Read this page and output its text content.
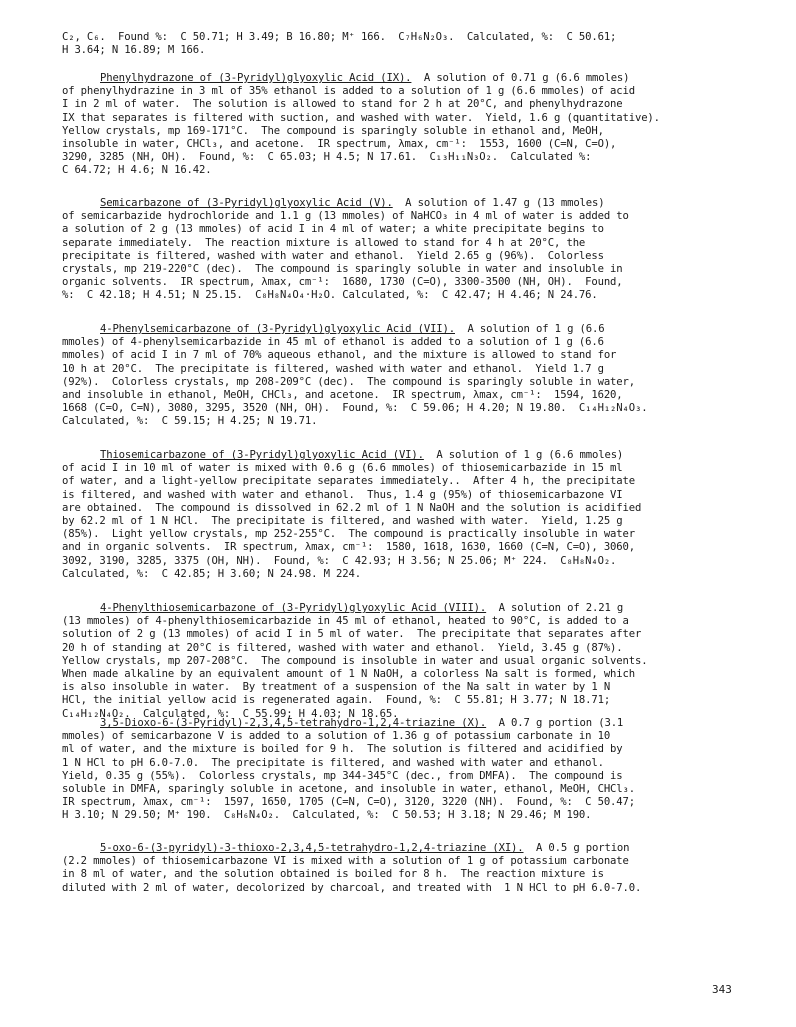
C₂, C₆.  Found %:  C 50.71; H 3.49; B 16.80; M⁺ 166.  C₇H₆N₂O₃.  Calculated, %:  C 50.61;
H 3.64; N 16.89; M 166.
Phenylhydrazone of (3-Pyridyl)glyoxylic Acid (IX).  A solution of 0.71 g (6.6 mmoles)
of phenylhydrazine in 3 ml of 35% ethanol is added to a solution of 1 g (6.6 mmoles) of acid
I in 2 ml of water.  The solution is allowed to stand for 2 h at 20°C, and phenylhydrazone
IX that separates is filtered with suction, and washed with water.  Yield, 1.6 g (quantitative).
Yellow crystals, mp 169-171°C.  The compound is sparingly soluble in ethanol and, MeOH,
insoluble in water, CHCl₃, and acetone.  IR spectrum, λmax, cm⁻¹:  1553, 1600 (C=N, C=O),
3290, 3285 (NH, OH).  Found, %:  C 65.03; H 4.5; N 17.61.  C₁₃H₁₁N₃O₂.  Calculated %:
C 64.72; H 4.6; N 16.42.
Semicarbazone of (3-Pyridyl)glyoxylic Acid (V).  A solution of 1.47 g (13 mmoles)
of semicarbazide hydrochloride and 1.1 g (13 mmoles) of NaHCO₃ in 4 ml of water is added to
a solution of 2 g (13 mmoles) of acid I in 4 ml of water; a white precipitate begins to
separate immediately.  The reaction mixture is allowed to stand for 4 h at 20°C, the
precipitate is filtered, washed with water and ethanol.  Yield 2.65 g (96%).  Colorless
crystals, mp 219-220°C (dec).  The compound is sparingly soluble in water and insoluble in
organic solvents.  IR spectrum, λmax, cm⁻¹:  1680, 1730 (C=O), 3300-3500 (NH, OH).  Found,
%:  C 42.18; H 4.51; N 25.15.  C₈H₈N₄O₄·H₂O. Calculated, %:  C 42.47; H 4.46; N 24.76.
4-Phenylsemicarbazone of (3-Pyridyl)glyoxylic Acid (VII).  A solution of 1 g (6.6
mmoles) of 4-phenylsemicarbazide in 45 ml of ethanol is added to a solution of 1 g (6.6
mmoles) of acid I in 7 ml of 70% aqueous ethanol, and the mixture is allowed to stand for
10 h at 20°C.  The precipitate is filtered, washed with water and ethanol.  Yield 1.7 g
(92%).  Colorless crystals, mp 208-209°C (dec).  The compound is sparingly soluble in water,
and insoluble in ethanol, MeOH, CHCl₃, and acetone.  IR spectrum, λmax, cm⁻¹:  1594, 1620,
1668 (C=O, C=N), 3080, 3295, 3520 (NH, OH).  Found, %:  C 59.06; H 4.20; N 19.80.  C₁₄H₁₂N₄O₃.
Calculated, %:  C 59.15; H 4.25; N 19.71.
Thiosemicarbazone of (3-Pyridyl)glyoxylic Acid (VI).  A solution of 1 g (6.6 mmoles)
of acid I in 10 ml of water is mixed with 0.6 g (6.6 mmoles) of thiosemicarbazide in 15 ml
of water, and a light-yellow precipitate separates immediately..  After 4 h, the precipitate
is filtered, and washed with water and ethanol.  Thus, 1.4 g (95%) of thiosemicarbazone VI
are obtained.  The compound is dissolved in 62.2 ml of 1 N NaOH and the solution is acidified
by 62.2 ml of 1 N HCl.  The precipitate is filtered, and washed with water.  Yield, 1.25 g
(85%).  Light yellow crystals, mp 252-255°C.  The compound is practically insoluble in water
and in organic solvents.  IR spectrum, λmax, cm⁻¹:  1580, 1618, 1630, 1660 (C=N, C=O), 3060,
3092, 3190, 3285, 3375 (OH, NH).  Found, %:  C 42.93; H 3.56; N 25.06; M⁺ 224.  C₈H₈N₄O₂.
Calculated, %:  C 42.85; H 3.60; N 24.98. M 224.
4-Phenylthiosemicarbazone of (3-Pyridyl)glyoxylic Acid (VIII).  A solution of 2.21 g
(13 mmoles) of 4-phenylthiosemicarbazide in 45 ml of ethanol, heated to 90°C, is added to a
solution of 2 g (13 mmoles) of acid I in 5 ml of water.  The precipitate that separates after
20 h of standing at 20°C is filtered, washed with water and ethanol.  Yield, 3.45 g (87%).
Yellow crystals, mp 207-208°C.  The compound is insoluble in water and usual organic solvents.
When made alkaline by an equivalent amount of 1 N NaOH, a colorless Na salt is formed, which
is also insoluble in water.  By treatment of a suspension of the Na salt in water by 1 N
HCl, the initial yellow acid is regenerated again.  Found, %:  C 55.81; H 3.77; N 18.71;
C₁₄H₁₂N₄O₂.  Calculated, %:  C 55.99; H 4.03; N 18.65.
3,5-Dioxo-6-(3-Pyridyl)-2,3,4,5-tetrahydro-1,2,4-triazine (X).  A 0.7 g portion (3.1
mmoles) of semicarbazone V is added to a solution of 1.36 g of potassium carbonate in 10
ml of water, and the mixture is boiled for 9 h.  The solution is filtered and acidified by
1 N HCl to pH 6.0-7.0.  The precipitate is filtered, and washed with water and ethanol.
Yield, 0.35 g (55%).  Colorless crystals, mp 344-345°C (dec., from DMFA).  The compound is
soluble in DMFA, sparingly soluble in acetone, and insoluble in water, ethanol, MeOH, CHCl₃.
IR spectrum, λmax, cm⁻¹:  1597, 1650, 1705 (C=N, C=O), 3120, 3220 (NH).  Found, %:  C 50.47;
H 3.10; N 29.50; M⁺ 190.  C₈H₆N₄O₂.  Calculated, %:  C 50.53; H 3.18; N 29.46; M 190.
5-oxo-6-(3-pyridyl)-3-thioxo-2,3,4,5-tetrahydro-1,2,4-triazine (XI).  A 0.5 g portion
(2.2 mmoles) of thiosemicarbazone VI is mixed with a solution of 1 g of potassium carbonate
in 8 ml of water, and the solution obtained is boiled for 8 h.  The reaction mixture is
diluted with 2 ml of water, decolorized by charcoal, and treated with  1 N HCl to pH 6.0-7.0.
343
